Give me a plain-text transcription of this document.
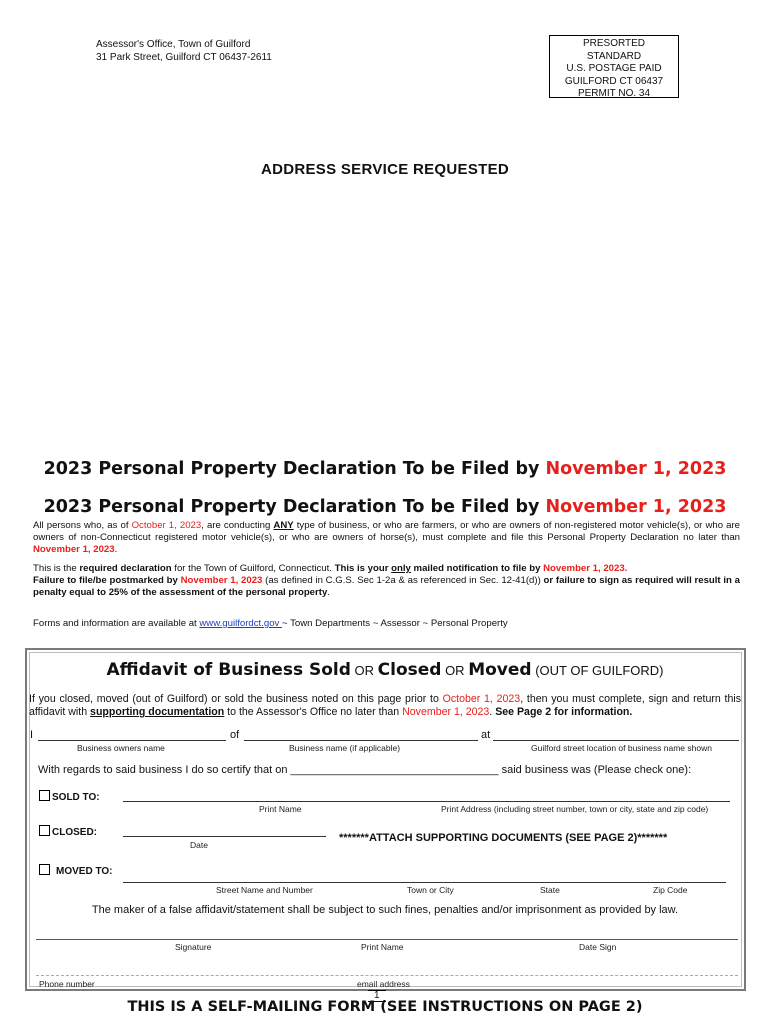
Assessor's Office, Town of Guilford
31 Park Street, Guilford CT 06437-2611
PRESORTED
STANDARD
U.S. POSTAGE PAID
GUILFORD CT 06437
PERMIT NO. 34
ADDRESS SERVICE REQUESTED
2023 Personal Property Declaration To be Filed by November 1, 2023
2023 Personal Property Declaration To be Filed by November 1, 2023
All persons who, as of October 1, 2023, are conducting ANY type of business, or who are farmers, or who are owners of non-registered motor vehicle(s), or who are owners of non-Connecticut registered motor vehicle(s), or who are owners of horse(s), must complete and file this Personal Property Declaration no later than November 1, 2023.
This is the required declaration for the Town of Guilford, Connecticut. This is your only mailed notification to file by November 1, 2023.
Failure to file/be postmarked by November 1, 2023 (as defined in C.G.S. Sec 1-2a & as referenced in Sec. 12-41(d)) or failure to sign as required will result in a penalty equal to 25% of the assessment of the personal property.
Forms and information are available at www.guilfordct.gov ~ Town Departments ~ Assessor ~ Personal Property
Affidavit of Business Sold OR Closed OR Moved (OUT OF GUILFORD)
If you closed, moved (out of Guilford) or sold the business noted on this page prior to October 1, 2023, then you must complete, sign and return this affidavit with supporting documentation to the Assessor's Office no later than November 1, 2023. See Page 2 for information.
I	of	at
Business owners name	Business name (if applicable)	Guilford street location of business name shown
With regards to said business I do so certify that on __________________________________ said business was (Please check one):
SOLD TO:
Print Name	Print Address (including street number, town or city, state and zip code)
CLOSED:
Date
*******ATTACH SUPPORTING DOCUMENTS (SEE PAGE 2)*******
MOVED TO:
Street Name and Number	Town or City	State	Zip Code
The maker of a false affidavit/statement shall be subject to such fines, penalties and/or imprisonment as provided by law.
Signature	Print Name	Date Sign
Phone number	email address
1
THIS IS A SELF-MAILING FORM (SEE INSTRUCTIONS ON PAGE 2)
